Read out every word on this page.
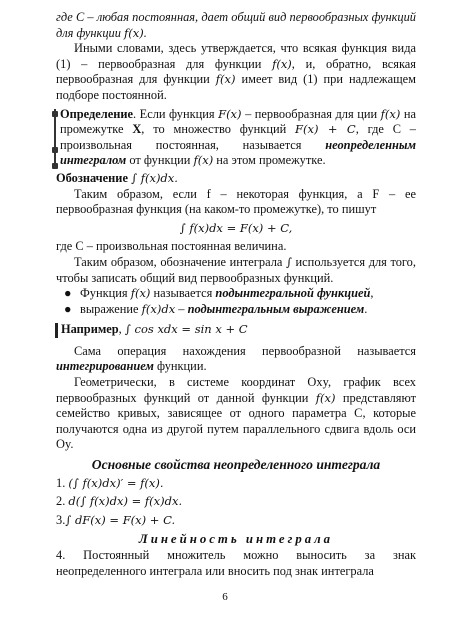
где C – любая постоянная, дает общий вид первообразных функций для функции f(x).

Иными словами, здесь утверждается, что всякая функция вида (1) – первообразная для функции f(x), и, обратно, всякая первообразная для функции f(x) имеет вид (1) при надлежащем подборе постоянной.

Определение. Если функция F(x) – первообразная для ции f(x) на промежутке X, то множество функций F(x) + C, где C – произвольная постоянная, называется неопределенным интегралом от функции f(x) на этом промежутке.

Обозначение ∫ f(x)dx.

Таким образом, если f – некоторая функция, а F – ее первообразная функция (на каком-то промежутке), то пишут

∫ f(x)dx = F(x) + C,

где C – произвольная постоянная величина.

Таким образом, обозначение интеграла ∫ используется для того, чтобы записать общий вид первообразных функций.

● Функция f(x) называется подынтегральной функцией,
● выражение f(x)dx – подынтегральным выражением.

Например, ∫ cos xdx = sin x + C

Сама операция нахождения первообразной называется интегрированием функции.

Геометрически, в системе координат Oxy, график всех первообразных функций от данной функции f(x) представляют семейство кривых, зависящее от одного параметра C, которые получаются одна из другой путем параллельного сдвига вдоль оси Oy.

Основные свойства неопределенного интеграла

1. (∫ f(x)dx)′ = f(x).

2. d(∫ f(x)dx) = f(x)dx.

3.∫ dF(x) = F(x) + C.

Линейность интеграла

4. Постоянный множитель можно выносить за знак неопределенного интеграла или вносить под знак интеграла

6
